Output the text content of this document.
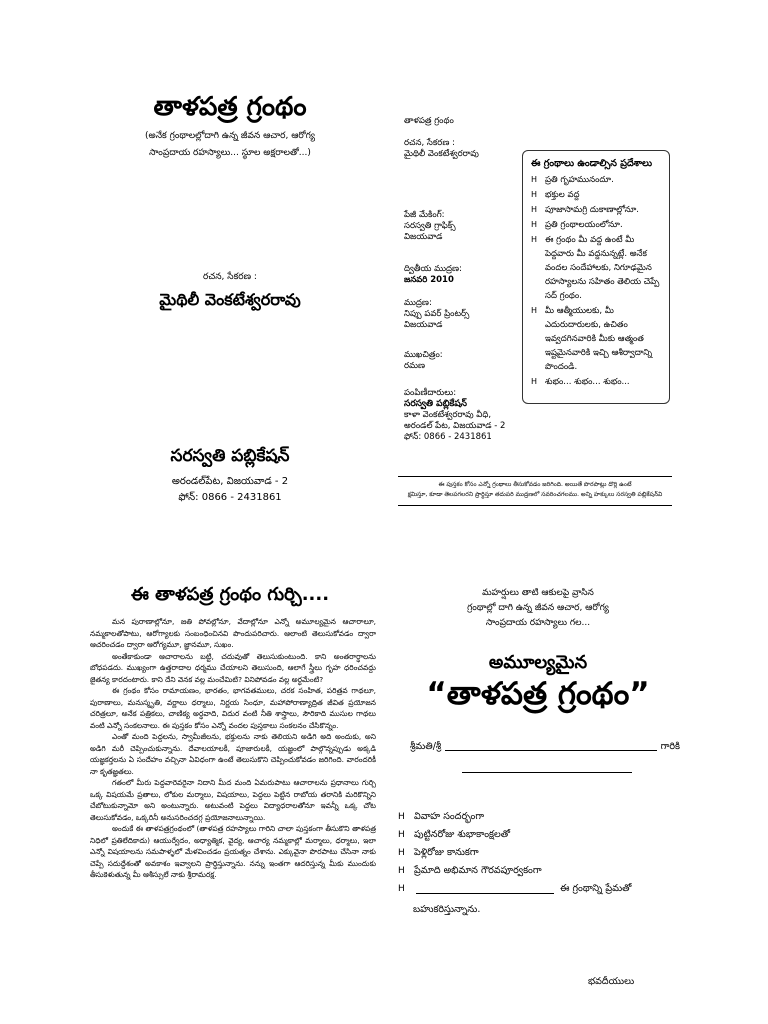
తాళపత్ర గ్రంథం
(అనేక గ్రంథాలల్లోదాగి ఉన్న జీవన ఆచార, ఆరోగ్య
సాంప్రదాయ రహస్యాలు... స్థూల అక్షరాలతో...)
రచన, సేకరణ :
మైథిలీ వెంకటేశ్వరరావు
సరస్వతి పబ్లికేషన్
అరండల్‌పేట, విజయవాడ - 2
ఫోన్: 0866 - 2431861
తాళపత్ర గ్రంథం
రచన, సేకరణ :
మైథిలీ వెంకటేశ్వరరావు
పేజీ మేకింగ్:
సరస్వతి గ్రాఫిక్స్
విజయవాడ
ద్వితీయ ముద్రణ:
జనవరి 2010
ముద్రణ:
నిప్పు పవర్ ప్రింటర్స్
విజయవాడ
ముఖచిత్రం:
రమణ
పంపిణీదారులు:
సరస్వతి పబ్లికేషన్
కాళా వెంకటేశ్వరరావు వీధి,
అరండల్ పేట, విజయవాడ - 2
ఫోన్: 0866 - 2431861
ఈ గ్రంథాలు ఉండాల్సిన ప్రదేశాలు
H ప్రతి గృహమునందూ.
H భక్తుల వద్ద
H పూజాసామగ్రి దుకాణాల్లోనూ.
H ప్రతి గ్రంథాలయంలోనూ.
H ఈ గ్రంథం మీ వద్ద ఉంటే మీ పెద్దవారు మీ వద్దనున్నట్లే. అనేక వందల సందేహాలకు, నిగూఢమైన రహస్యాలను సహితం తెలియ చెప్పే సద్ గ్రంథం.
H మీ ఆత్మీయులకు, మీ ఎదురుదారులకు, ఉచితం ఇవ్వదగినవారికి మీకు ఆత్మంత ఇష్టమైనవారికి ఇచ్చి ఆశీర్వాదాన్ని పొందండి.
H శుభం... శుభం... శుభం...
ఈ పుస్తకం కోసం ఎన్నో గ్రంథాలు తీసుకోవడం జరిగింది. అయితే పొరపాట్లు దొర్లి ఉంటే
క్షమిస్తూ, కూడా తెలపగలరని ప్రార్థిస్తూ తదుపరి ముద్రణలో సవరించగలము. అన్ని హక్కులు సరస్వతి పబ్లికేషన్‌వి
ఈ తాళపత్ర గ్రంథం గుర్చి....

మన పురాణాల్లోనూ, జతి పోవల్లోనూ, వేదాల్లోనూ ఎన్నో అమూల్యమైన ఆచారాలూ, నమ్మకాలతోపాటు, ఆరోగ్యాలకు సంబంధించినవి పొందుపరిచారు. ఆలాంటి తెలుసుకోవడం ద్వారా ఆచరించడం ద్వారా ఆరోగ్యమూ, జ్ఞానమూ, సుఖం.

అంతేకాకుండా ఆచారాలను బట్టి, చదువుతో తెలుసుకుంటుంది. కాని అంతరార్థాలను బోధపడదు. ముఖ్యంగా ఉత్తరాదాల ధర్మము చేయాలని తెలుసుంది, ఆలాగే స్త్రీలు గృహ ధరించవద్దు జైతన్య కారదంటారు. కాని దేని వెనక వల్ల మంచేమిటి? వినిపోవడం వల్ల అర్థమేంటి?

ఈ గ్రంథం కోసం రామాయణం, భారతం, భాగవతములు, చరక సంహిత, పరిత్రవ గాథలూ, పురాణాలు, మనుస్మృతి, వర్ణాలు ధర్మాలు, నిర్ణయ సింధూ, మహాపోరాణ్యాద్రిత జీవిత ప్రయోజన చరిత్రలూ, అనేక పత్రికలు, చాణిక్య అర్థవాది, విదుర వంటి నీతి శాస్త్రాలు, సౌరికాది ముసుల గాథలు వంటి ఎన్నో సంకలనాలు. ఈ పుస్తకం కోసం ఎన్నో వందల పుస్తకాలు సంకలనం చేసికొన్నం.

ఎంతో మంది పెద్దలను, స్వామీజీలను, భక్తులను నాకు తెలియని అడిగి అది అందుకు, అని అడిగి మరీ చెప్పించుకున్నాను. దేవాలయాలకీ, పూజారులకీ, యజ్ఞంలో పాల్గొన్నప్పుడు అక్కడి యజ్ఞకర్తలను ఏ సందేహం వచ్చినా ఏవిధంగా ఉంటే తెలుసుకొని చెప్పించుకోవడం జరిగింది. వారందరికీ నా కృతజ్ఞతలు.

గతంలో మీరు పెద్దవారెవరైనా నిదాని మీద మంది ఏమరుపాటు ఆచారాలను ప్రధానాలు గుర్చి ఒక్క విషయమే ప్రతాలు, లోకుల మర్మాలు, విషయాలు, పెద్దలు పెట్టిన రాబోయ తరానికి మరికొన్నిని చేబోటుకున్నామో అని అంటున్నారు. అటువంటి పెద్దలు విద్యాధరాలతోనూ ఇవన్నీ ఒక్క చోట తెలుసుకోవడం, ఒక్కరినీ అనుసరించదగ్గ ప్రయోజనాలున్నాయి.

అందుకే ఈ తాళపత్రగ్రంథంలో (తాళపత్ర రహస్యాలు గారిని చాలా పుస్తకంగా తీసుకొని తాళపత్ర నిధిలో ప్రతిలేదికాదు) ఆయుర్వేదం, అధ్యాత్మిక, వైద్య, ఆచార్య నమ్మకాల్లో మర్మాలు, ధర్మాలు, ఇలా ఎన్నో విషయాలను సమపాళ్ళలో మేళవించడం ప్రయత్నం చేశాను. ఎక్కువైనా పొరపాటు చేసినా నాకు చెప్పే సదుద్దేశంతో అవకాశం ఇవ్వాలని ప్రార్థిస్తున్నాను. నన్ను ఇంతగా ఆదరిస్తున్న మీకు ముందుకు తీసుకెళుతున్న మీ ఆశీస్సులే నాకు శ్రీరామరక్ష.

మహర్షులు తాటి ఆకులపై వ్రాసిన
గ్రంథాల్లో దాగి ఉన్న జీవన ఆచార, ఆరోగ్య
సాంప్రదాయ రహస్యాలు గల...
అమూల్యమైన
“తాళపత్ర గ్రంథం”
శ్రీమతి/శ్రీ	గారికి
H వివాహ సందర్భంగా
H పుట్టినరోజు శుభాకాంక్షలతో
H పెళ్లిరోజు కానుకగా
H ప్రేమాది అభిమాన గౌరవపూర్వకంగా
H	ఈ గ్రంథాన్ని ప్రేమతో
బహుకరిస్తున్నాను.
భవదీయులు
